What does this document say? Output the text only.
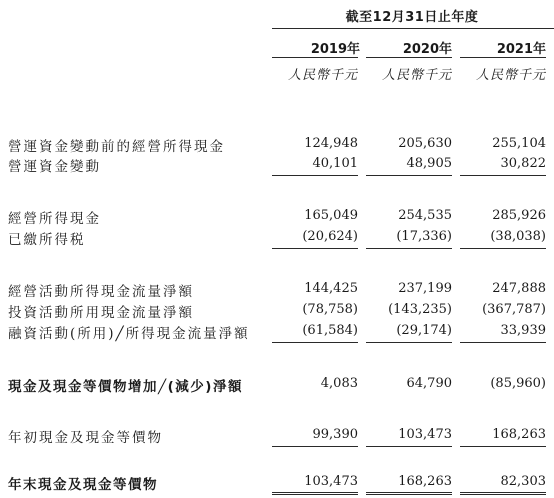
截至12月31日止年度
2019年	2020年	2021年
人民幣千元	人民幣千元	人民幣千元
營運資金變動前的經營所得現金	124,948	205,630	255,104
營運資金變動	40,101	48,905	30,822
經營所得現金	165,049	254,535	285,926
已繳所得税	(20,624)	(17,336)	(38,038)
經營活動所得現金流量淨額	144,425	237,199	247,888
投資活動所用現金流量淨額	(78,758)	(143,235)	(367,787)
融資活動(所用)╱所得現金流量淨額	(61,584)	(29,174)	33,939
現金及現金等價物增加╱(減少)淨額	4,083	64,790	(85,960)
年初現金及現金等價物	99,390	103,473	168,263
年末現金及現金等價物	103,473	168,263	82,303
